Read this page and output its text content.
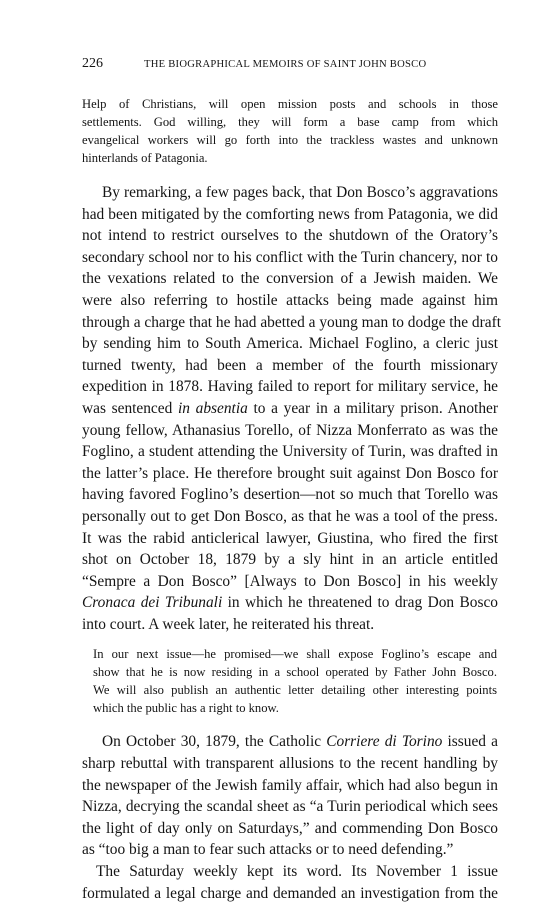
226	THE BIOGRAPHICAL MEMOIRS OF SAINT JOHN BOSCO
Help of Christians, will open mission posts and schools in those
settlements. God willing, they will form a base camp from which
evangelical workers will go forth into the trackless wastes and unknown
hinterlands of Patagonia.
By remarking, a few pages back, that Don Bosco’s aggravations
had been mitigated by the comforting news from Patagonia, we did
not intend to restrict ourselves to the shutdown of the Oratory’s
secondary school nor to his conflict with the Turin chancery, nor to
the vexations related to the conversion of a Jewish maiden. We
were also referring to hostile attacks being made against him
through a charge that he had abetted a young man to dodge the draft
by sending him to South America. Michael Foglino, a cleric just
turned twenty, had been a member of the fourth missionary
expedition in 1878. Having failed to report for military service, he
was sentenced in absentia to a year in a military prison. Another
young fellow, Athanasius Torello, of Nizza Monferrato as was the
Foglino, a student attending the University of Turin, was drafted in
the latter’s place. He therefore brought suit against Don Bosco for
having favored Foglino’s desertion—not so much that Torello was
personally out to get Don Bosco, as that he was a tool of the press.
It was the rabid anticlerical lawyer, Giustina, who fired the first
shot on October 18, 1879 by a sly hint in an article entitled
“Sempre a Don Bosco” [Always to Don Bosco] in his weekly
Cronaca dei Tribunali in which he threatened to drag Don Bosco
into court. A week later, he reiterated his threat.
In our next issue—he promised—we shall expose Foglino’s escape and
show that he is now residing in a school operated by Father John Bosco.
We will also publish an authentic letter detailing other interesting points
which the public has a right to know.
On October 30, 1879, the Catholic Corriere di Torino issued a
sharp rebuttal with transparent allusions to the recent handling by
the newspaper of the Jewish family affair, which had also begun in
Nizza, decrying the scandal sheet as “a Turin periodical which sees
the light of day only on Saturdays,” and commending Don Bosco
as “too big a man to fear such attacks or to need defending.”
The Saturday weekly kept its word. Its November 1 issue
formulated a legal charge and demanded an investigation from the
